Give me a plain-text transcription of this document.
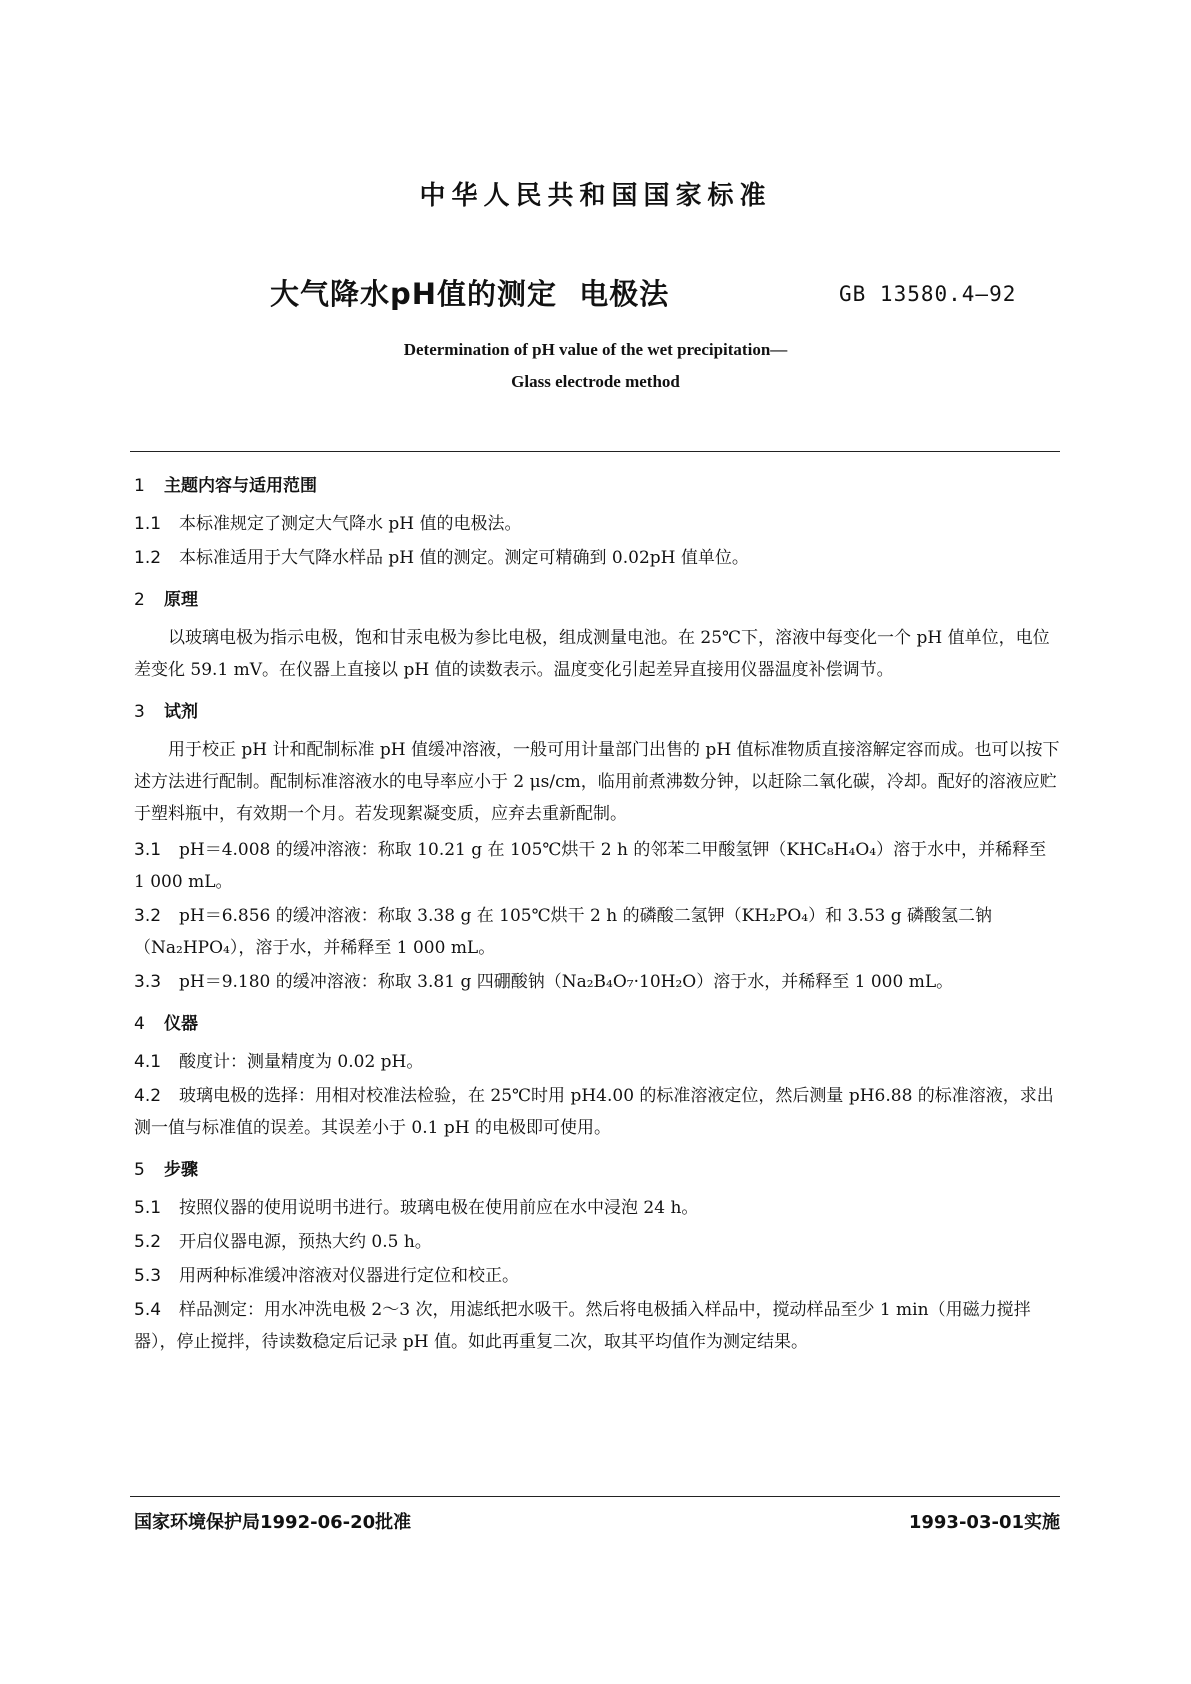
中华人民共和国国家标准
大气降水pH值的测定  电极法	GB 13580.4—92
Determination of pH value of the wet precipitation—
Glass electrode method
1 主题内容与适用范围
1.1 本标准规定了测定大气降水 pH 值的电极法。
1.2 本标准适用于大气降水样品 pH 值的测定。测定可精确到 0.02pH 值单位。
2 原理
以玻璃电极为指示电极，饱和甘汞电极为参比电极，组成测量电池。在 25℃下，溶液中每变化一个 pH 值单位，电位差变化 59.1 mV。在仪器上直接以 pH 值的读数表示。温度变化引起差异直接用仪器温度补偿调节。
3 试剂
用于校正 pH 计和配制标准 pH 值缓冲溶液，一般可用计量部门出售的 pH 值标准物质直接溶解定容而成。也可以按下述方法进行配制。配制标准溶液水的电导率应小于 2 μs/cm，临用前煮沸数分钟，以赶除二氧化碳，冷却。配好的溶液应贮于塑料瓶中，有效期一个月。若发现絮凝变质，应弃去重新配制。
3.1 pH＝4.008 的缓冲溶液：称取 10.21 g 在 105℃烘干 2 h 的邻苯二甲酸氢钾（KHC₈H₄O₄）溶于水中，并稀释至 1 000 mL。
3.2 pH＝6.856 的缓冲溶液：称取 3.38 g 在 105℃烘干 2 h 的磷酸二氢钾（KH₂PO₄）和 3.53 g 磷酸氢二钠（Na₂HPO₄），溶于水，并稀释至 1 000 mL。
3.3 pH＝9.180 的缓冲溶液：称取 3.81 g 四硼酸钠（Na₂B₄O₇·10H₂O）溶于水，并稀释至 1 000 mL。
4 仪器
4.1 酸度计：测量精度为 0.02 pH。
4.2 玻璃电极的选择：用相对校准法检验，在 25℃时用 pH4.00 的标准溶液定位，然后测量 pH6.88 的标准溶液，求出测一值与标准值的误差。其误差小于 0.1 pH 的电极即可使用。
5 步骤
5.1 按照仪器的使用说明书进行。玻璃电极在使用前应在水中浸泡 24 h。
5.2 开启仪器电源，预热大约 0.5 h。
5.3 用两种标准缓冲溶液对仪器进行定位和校正。
5.4 样品测定：用水冲洗电极 2～3 次，用滤纸把水吸干。然后将电极插入样品中，搅动样品至少 1 min（用磁力搅拌器），停止搅拌，待读数稳定后记录 pH 值。如此再重复二次，取其平均值作为测定结果。
国家环境保护局1992-06-20批准	1993-03-01实施
